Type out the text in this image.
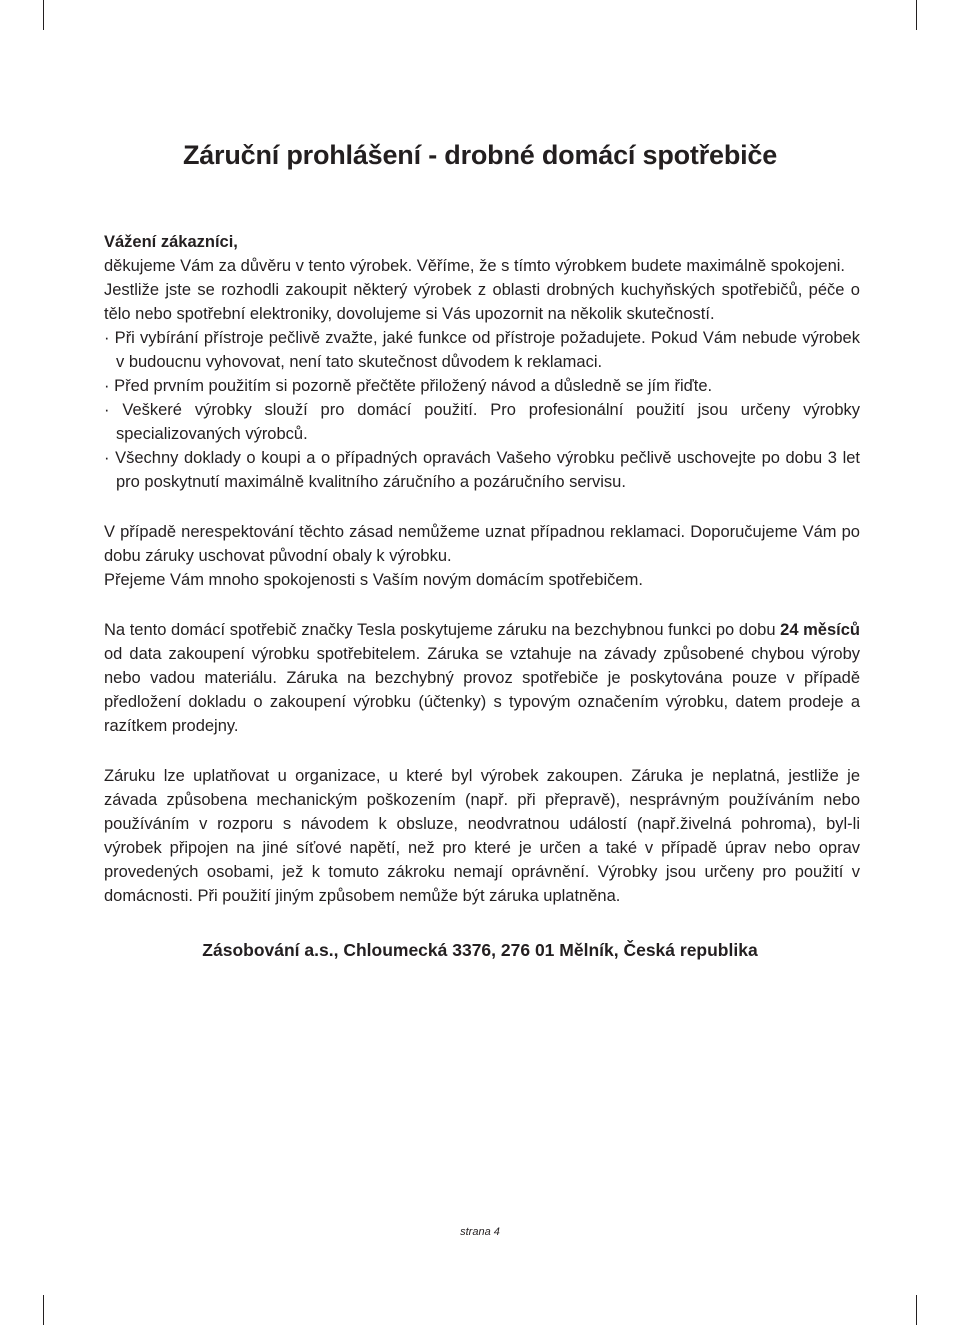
Záruční prohlášení - drobné domácí spotřebiče

Vážení zákazníci,

děkujeme Vám za důvěru v tento výrobek. Věříme, že s tímto výrobkem budete maximálně spokojeni.

Jestliže jste se rozhodli zakoupit některý výrobek z oblasti drobných kuchyňských spotřebičů, péče o tělo nebo spotřební elektroniky, dovolujeme si Vás upozornit na několik skutečností.

· Při vybírání přístroje pečlivě zvažte, jaké funkce od přístroje požadujete. Pokud Vám nebude výrobek v budoucnu vyhovovat, není tato skutečnost důvodem k reklamaci.

· Před prvním použitím si pozorně přečtěte přiložený návod a důsledně se jím řiďte.

· Veškeré výrobky slouží pro domácí použití. Pro profesionální použití jsou určeny výrobky specializovaných výrobců.

· Všechny doklady o koupi a o případných opravách Vašeho výrobku pečlivě uschovejte po dobu 3 let pro poskytnutí maximálně kvalitního záručního a pozáručního servisu.

V případě nerespektování těchto zásad nemůžeme uznat případnou reklamaci. Doporučujeme Vám po dobu záruky uschovat původní obaly k výrobku.

Přejeme Vám mnoho spokojenosti s Vaším novým domácím spotřebičem.

Na tento domácí spotřebič značky Tesla poskytujeme záruku na bezchybnou funkci po dobu 24 měsíců od data zakoupení výrobku spotřebitelem. Záruka se vztahuje na závady způsobené chybou výroby nebo vadou materiálu. Záruka na bezchybný provoz spotřebiče je poskytována pouze v případě předložení dokladu o zakoupení výrobku (účtenky) s typovým označením výrobku, datem prodeje a razítkem prodejny.

Záruku lze uplatňovat u organizace, u které byl výrobek zakoupen. Záruka je neplatná, jestliže je závada způsobena mechanickým poškozením (např. při přepravě), nesprávným používáním nebo používáním v rozporu s návodem k obsluze, neodvratnou událostí (např.živelná pohroma), byl-li výrobek připojen na jiné síťové napětí, než pro které je určen a také v případě úprav nebo oprav provedených osobami, jež k tomuto zákroku nemají oprávnění. Výrobky jsou určeny pro použití v domácnosti. Při použití jiným způsobem nemůže být záruka uplatněna.

Zásobování a.s., Chloumecká 3376, 276 01 Mělník, Česká republika
strana 4
